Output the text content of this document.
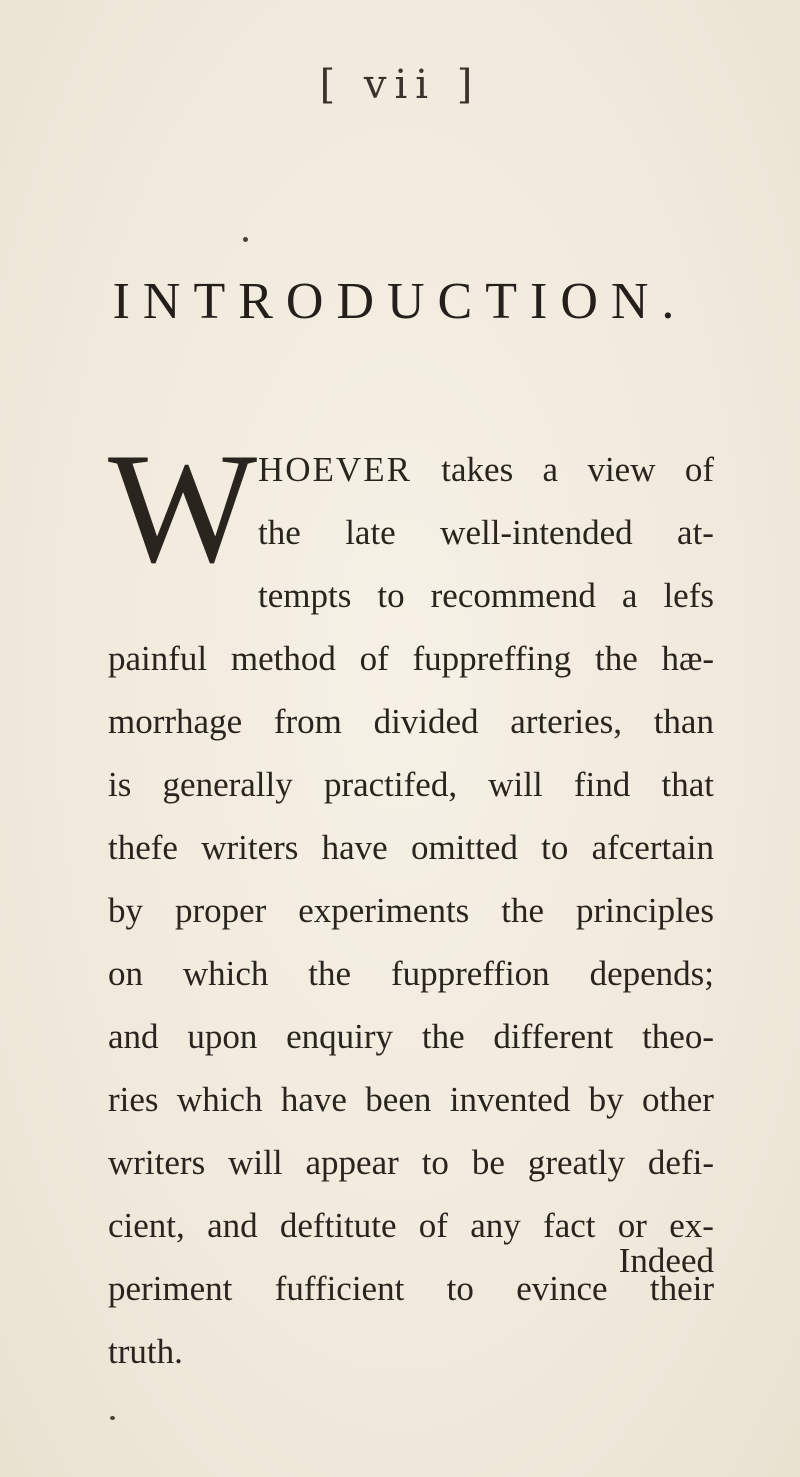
[ vii ]
INTRODUCTION.
W HOEVER takes a view of
the late well-intended at-
tempts to recommend a lefs
painful method of fuppreffing the hæ-
morrhage from divided arteries, than
is generally practifed, will find that
thefe writers have omitted to afcertain
by proper experiments the principles
on which the fuppreffion depends;
and upon enquiry the different theo-
ries which have been invented by other
writers will appear to be greatly defi-
cient, and deftitute of any fact or ex-
periment fufficient to evince their
truth.
Indeed
